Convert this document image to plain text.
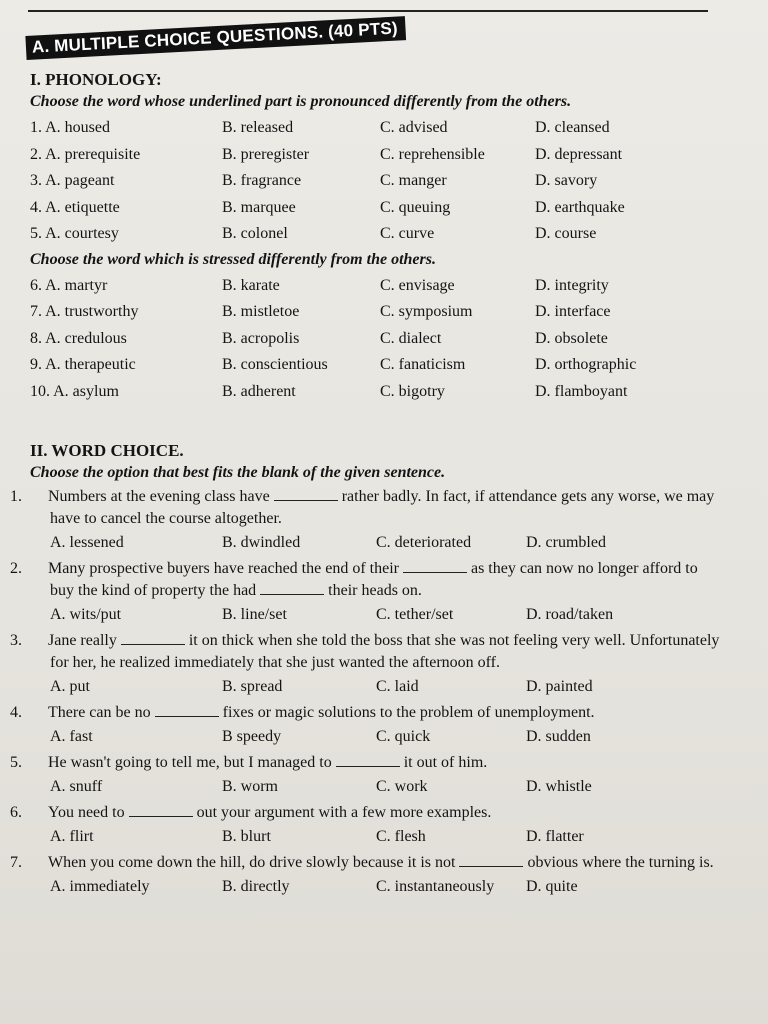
A. MULTIPLE CHOICE QUESTIONS. (40 PTS)
I. PHONOLOGY:
Choose the word whose underlined part is pronounced differently from the others.
1. A. housed	B. released	C. advised	D. cleansed
2. A. prerequisite	B. preregister	C. reprehensible	D. depressant
3. A. pageant	B. fragrance	C. manger	D. savory
4. A. etiquette	B. marquee	C. queuing	D. earthquake
5. A. courtesy	B. colonel	C. curve	D. course
Choose the word which is stressed differently from the others.
6. A. martyr	B. karate	C. envisage	D. integrity
7. A. trustworthy	B. mistletoe	C. symposium	D. interface
8. A. credulous	B. acropolis	C. dialect	D. obsolete
9. A. therapeutic	B. conscientious	C. fanaticism	D. orthographic
10. A. asylum	B. adherent	C. bigotry	D. flamboyant
II. WORD CHOICE.
Choose the option that best fits the blank of the given sentence.
1. Numbers at the evening class have	rather badly. In fact, if attendance gets any worse, we may have to cancel the course altogether.
A. lessened	B. dwindled	C. deteriorated	D. crumbled
2. Many prospective buyers have reached the end of their	as they can now no longer afford to buy the kind of property the had	their heads on.
A. wits/put	B. line/set	C. tether/set	D. road/taken
3. Jane really	it on thick when she told the boss that she was not feeling very well. Unfortunately for her, he realized immediately that she just wanted the afternoon off.
A. put	B. spread	C. laid	D. painted
4. There can be no	fixes or magic solutions to the problem of unemployment.
A. fast	B speedy	C. quick	D. sudden
5. He wasn't going to tell me, but I managed to	it out of him.
A. snuff	B. worm	C. work	D. whistle
6. You need to	out your argument with a few more examples.
A. flirt	B. blurt	C. flesh	D. flatter
7. When you come down the hill, do drive slowly because it is not	obvious where the turning is.
A. immediately	B. directly	C. instantaneously	D. quite
